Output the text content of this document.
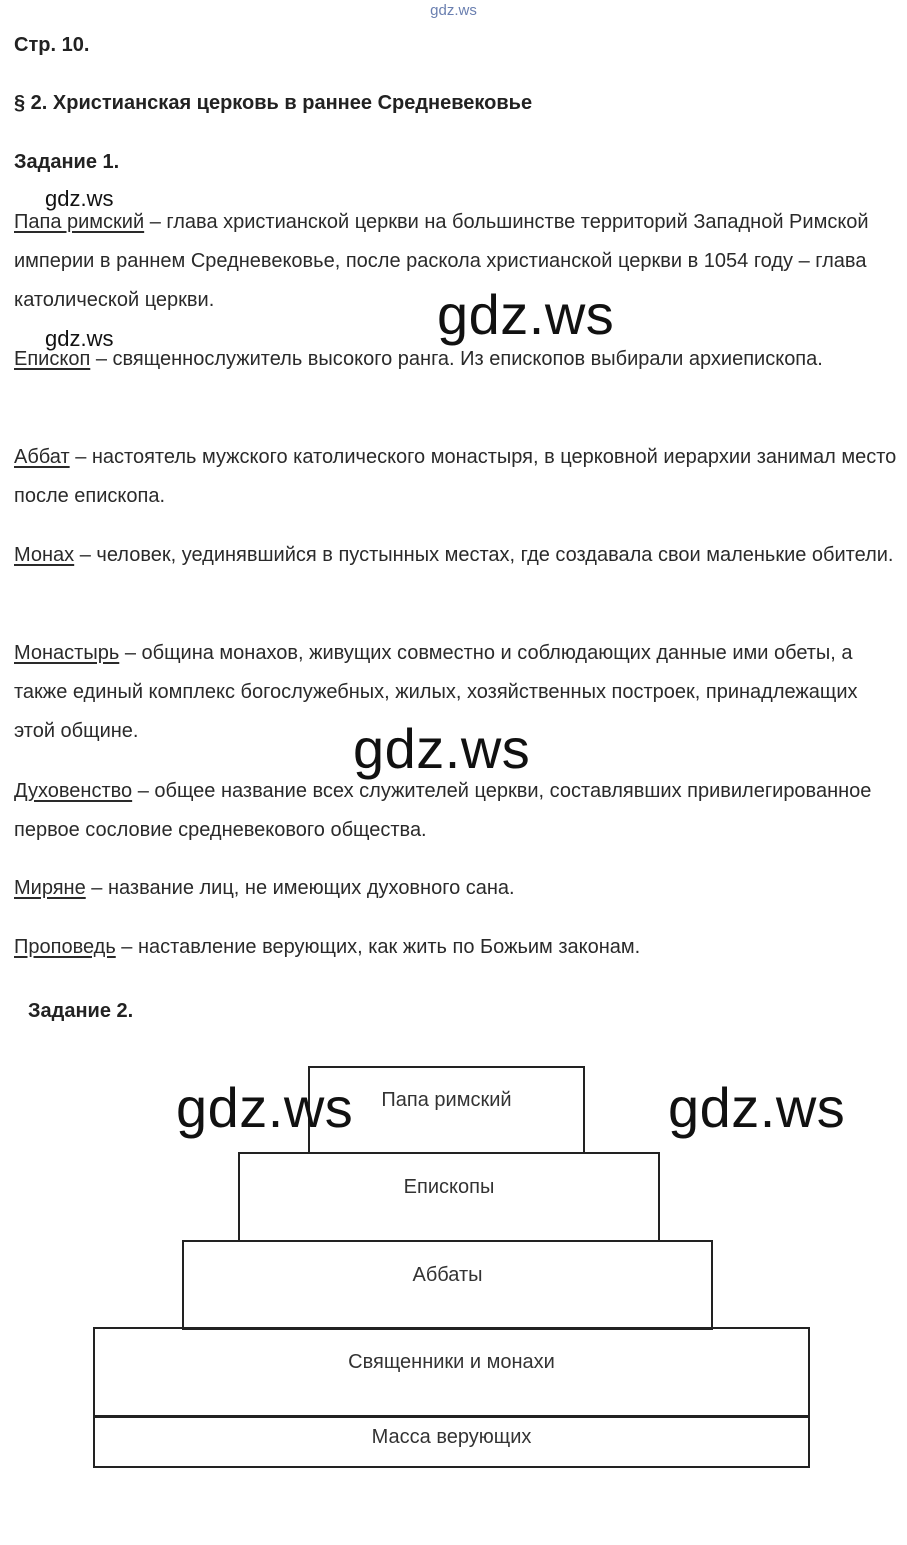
gdz.ws
Стр. 10.
§ 2. Христианская церковь в раннее Средневековье
Задание 1.
Папа римский – глава христианской церкви на большинстве территорий Западной Римской империи в раннем Средневековье, после раскола христианской церкви в 1054 году – глава католической церкви.
Епископ – священнослужитель высокого ранга. Из епископов выбирали архиепископа.
Аббат – настоятель мужского католического монастыря, в церковной иерархии занимал место после епископа.
Монах – человек, уединявшийся в пустынных местах, где создавала свои маленькие обители.
Монастырь – община монахов, живущих совместно и соблюдающих данные ими обеты, а также единый комплекс богослужебных, жилых, хозяйственных построек, принадлежащих этой общине.
Духовенство – общее название всех служителей церкви, составлявших привилегированное первое сословие средневекового общества.
Миряне – название лиц, не имеющих духовного сана.
Проповедь – наставление верующих, как жить по Божьим законам.
Задание 2.
Папа римский
Епископы
Аббаты
Священники и монахи
Масса верующих
gdz.ws
gdz.ws	gdz.ws
gdz.ws
gdz.ws	gdz.ws
